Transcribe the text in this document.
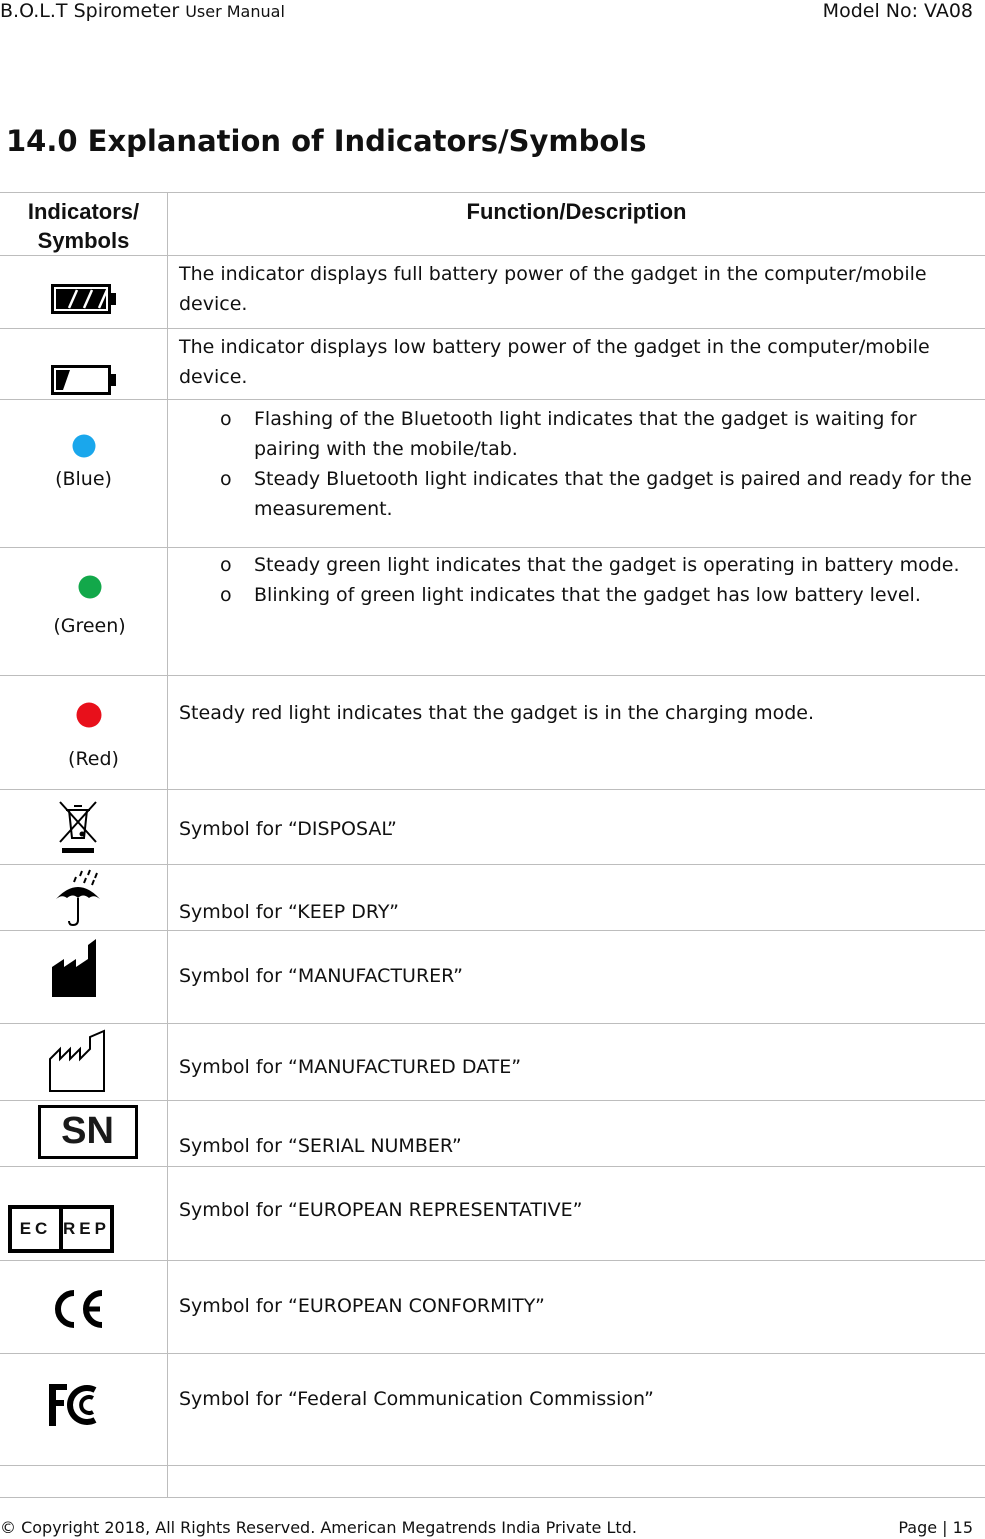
B.O.L.T Spirometer User Manual	Model No: VA08
14.0 Explanation of Indicators/Symbols
Indicators/ Symbols	Function/Description

The indicator displays full battery power of the gadget in the computer/mobile device.

The indicator displays low battery power of the gadget in the computer/mobile device.

(Blue)	o Flashing of the Bluetooth light indicates that the gadget is waiting for pairing with the mobile/tab.
o Steady Bluetooth light indicates that the gadget is paired and ready for the measurement.

(Green)	o Steady green light indicates that the gadget is operating in battery mode.
o Blinking of green light indicates that the gadget has low battery level.

(Red)	Steady red light indicates that the gadget is in the charging mode.

Symbol for “DISPOSAL”

Symbol for “KEEP DRY”

Symbol for “MANUFACTURER”

Symbol for “MANUFACTURED DATE”

SN	Symbol for “SERIAL NUMBER”

EC REP	Symbol for “EUROPEAN REPRESENTATIVE”

Symbol for “EUROPEAN CONFORMITY”

Symbol for “Federal Communication Commission”

© Copyright 2018, All Rights Reserved. American Megatrends India Private Ltd.	Page | 15
